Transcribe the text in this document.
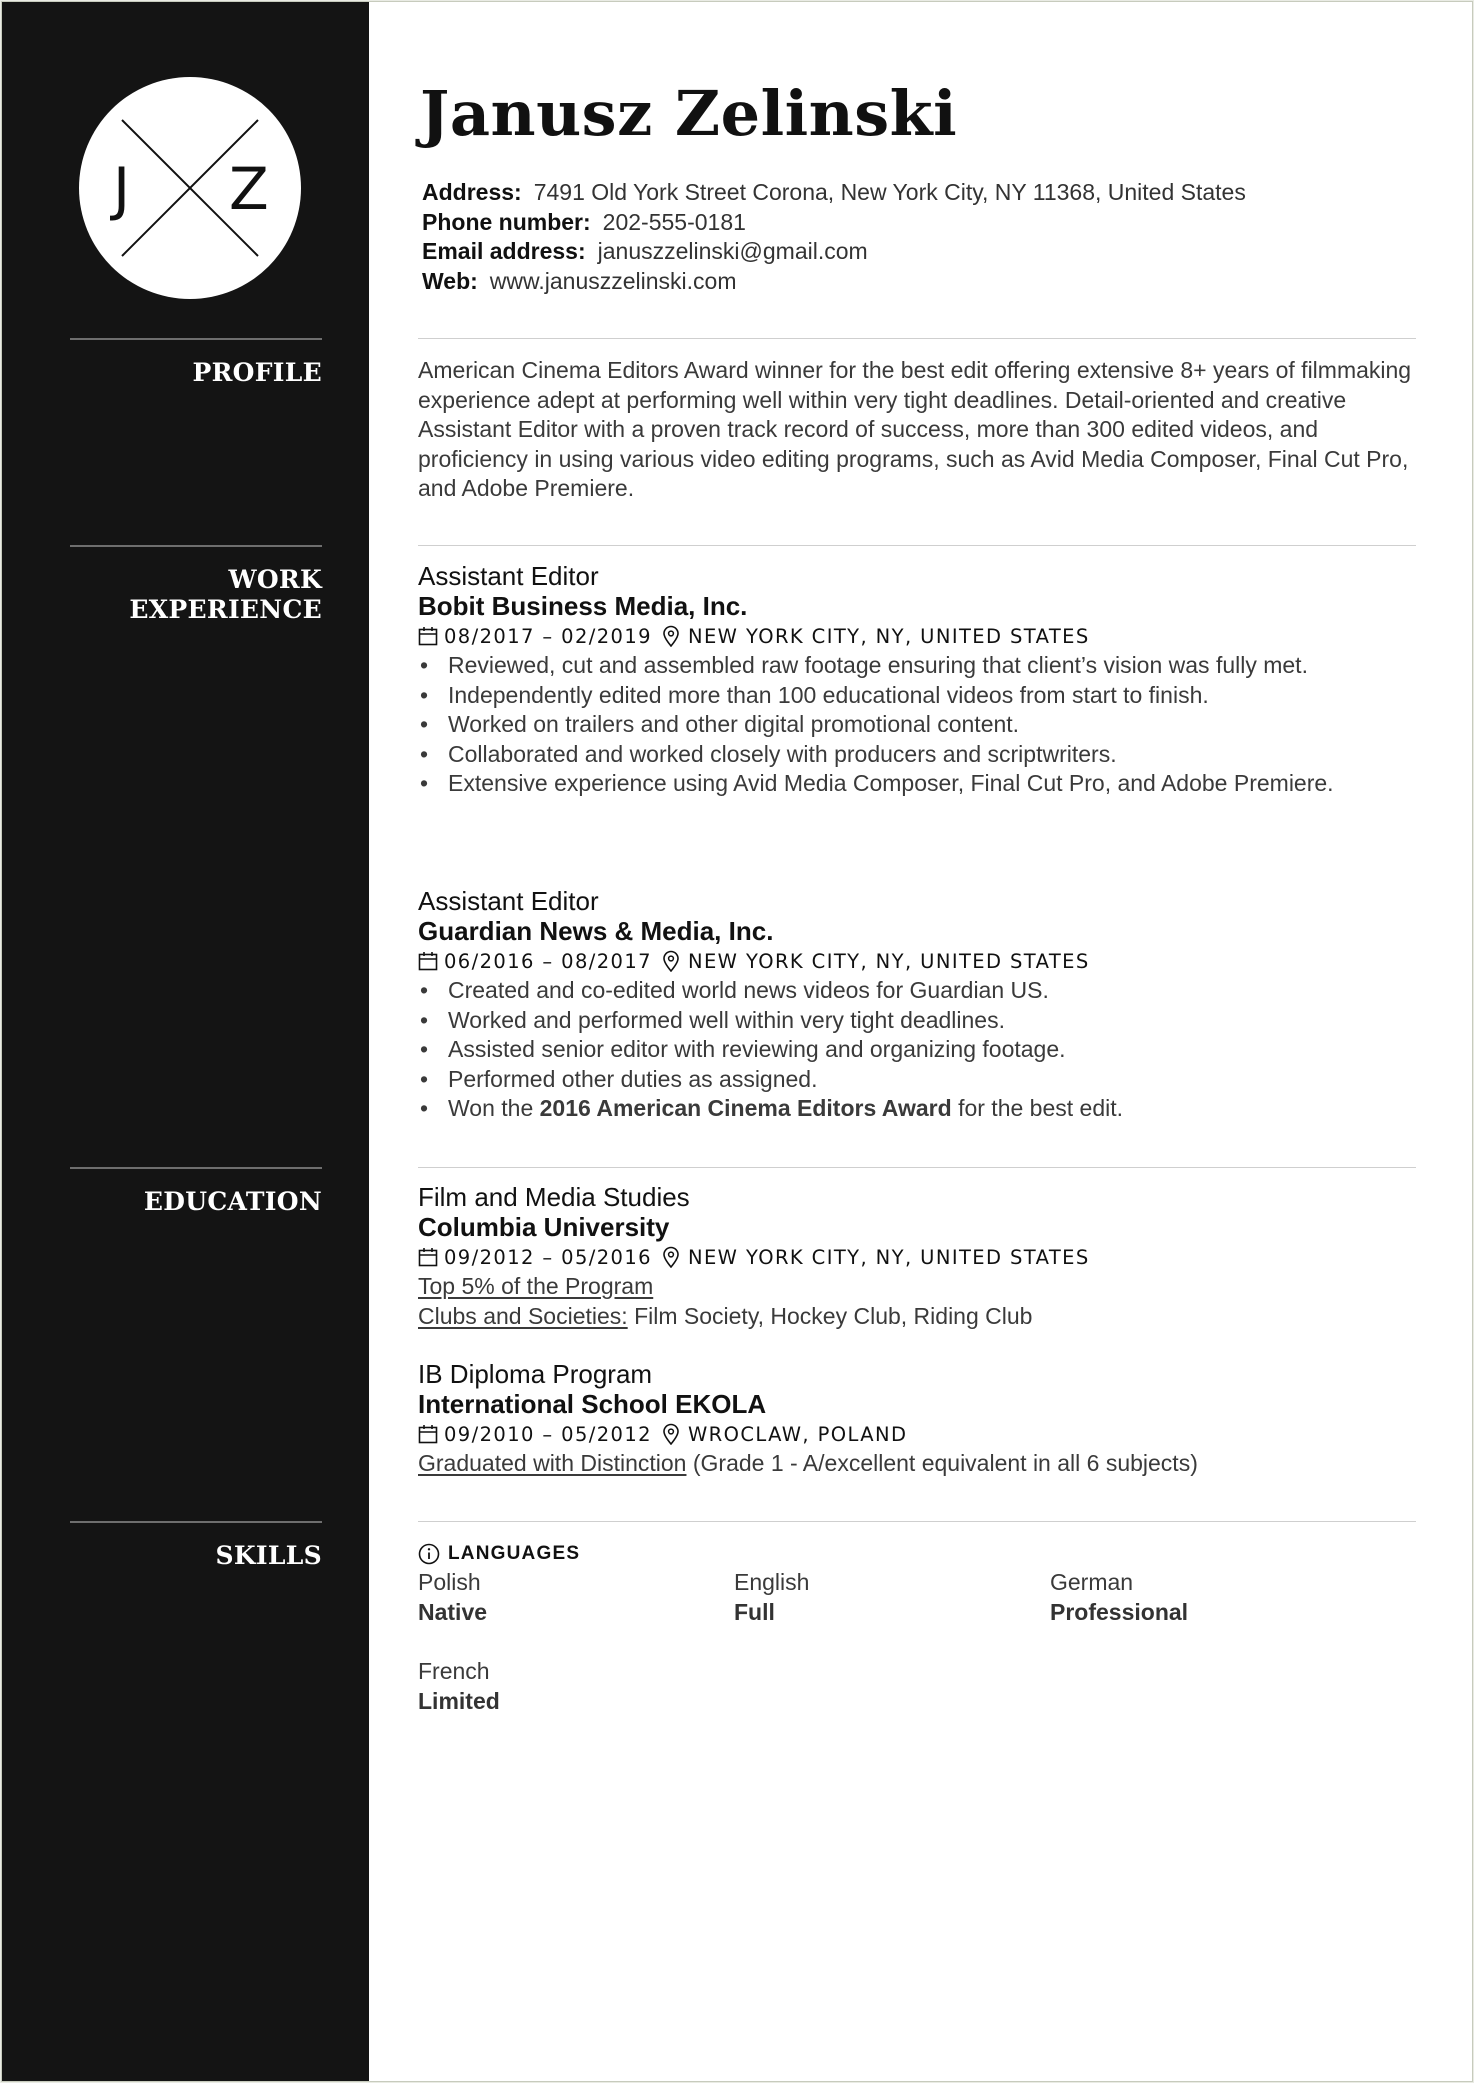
J Z
PROFILE
WORK
EXPERIENCE
EDUCATION
SKILLS
Janusz Zelinski
Address: 7491 Old York Street Corona, New York City, NY 11368, United States
Phone number: 202-555-0181
Email address: januszzelinski@gmail.com
Web: www.januszzelinski.com

American Cinema Editors Award winner for the best edit offering extensive 8+ years of filmmaking experience adept at performing well within very tight deadlines. Detail-oriented and creative Assistant Editor with a proven track record of success, more than 300 edited videos, and proficiency in using various video editing programs, such as Avid Media Composer, Final Cut Pro, and Adobe Premiere.

Assistant Editor
Bobit Business Media, Inc.
08/2017 – 02/2019 NEW YORK CITY, NY, UNITED STATES
• Reviewed, cut and assembled raw footage ensuring that client’s vision was fully met.
• Independently edited more than 100 educational videos from start to finish.
• Worked on trailers and other digital promotional content.
• Collaborated and worked closely with producers and scriptwriters.
• Extensive experience using Avid Media Composer, Final Cut Pro, and Adobe Premiere.
Assistant Editor
Guardian News & Media, Inc.
06/2016 – 08/2017 NEW YORK CITY, NY, UNITED STATES
• Created and co-edited world news videos for Guardian US.
• Worked and performed well within very tight deadlines.
• Assisted senior editor with reviewing and organizing footage.
• Performed other duties as assigned.
• Won the 2016 American Cinema Editors Award for the best edit.
Film and Media Studies
Columbia University
09/2012 – 05/2016 NEW YORK CITY, NY, UNITED STATES
Top 5% of the Program
Clubs and Societies: Film Society, Hockey Club, Riding Club
IB Diploma Program
International School EKOLA
09/2010 – 05/2012 WROCLAW, POLAND
Graduated with Distinction (Grade 1 - A/excellent equivalent in all 6 subjects)
LANGUAGES
Polish
Native
English
Full
German
Professional
French
Limited
